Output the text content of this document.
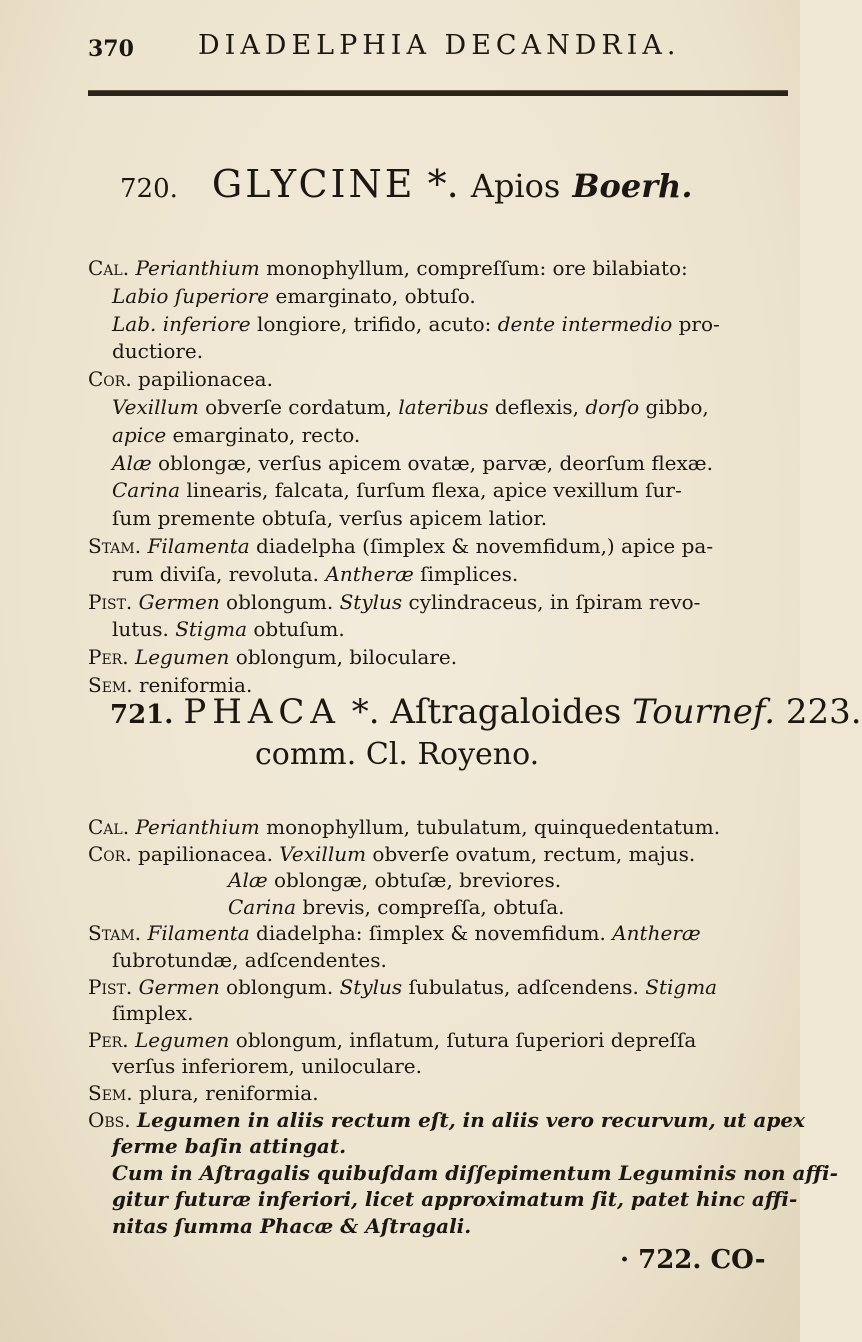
370 DIADELPHIA DECANDRIA.
720. GLYCINE *. Apios Boerh.
Cal. Perianthium monophyllum, compreſſum: ore bilabiato:
Labio ſuperiore emarginato, obtuſo.
Lab. inferiore longiore, trifido, acuto: dente intermedio pro-
ductiore.
Cor. papilionacea.
Vexillum obverſe cordatum, lateribus deflexis, dorſo gibbo,
apice emarginato, recto.
Alæ oblongæ, verſus apicem ovatæ, parvæ, deorſum flexæ.
Carina linearis, falcata, ſurſum flexa, apice vexillum ſur-
ſum premente obtuſa, verſus apicem latior.
Stam. Filamenta diadelpha (ſimplex & novemfidum,) apice pa-
rum diviſa, revoluta. Antheræ ſimplices.
Pist. Germen oblongum. Stylus cylindraceus, in ſpiram revo-
lutus. Stigma obtuſum.
Per. Legumen oblongum, biloculare.
Sem. reniformia.
721. PHACA *. Aſtragaloides Tournef. 223.
comm. Cl. Royeno.
Cal. Perianthium monophyllum, tubulatum, quinquedentatum.
Cor. papilionacea. Vexillum obverſe ovatum, rectum, majus.
Alæ oblongæ, obtuſæ, breviores.
Carina brevis, compreſſa, obtuſa.
Stam. Filamenta diadelpha: ſimplex & novemfidum. Antheræ
ſubrotundæ, adſcendentes.
Pist. Germen oblongum. Stylus ſubulatus, adſcendens. Stigma
ſimplex.
Per. Legumen oblongum, inflatum, ſutura ſuperiori depreſſa
verſus inferiorem, uniloculare.
Sem. plura, reniformia.
Obs. Legumen in aliis rectum eſt, in aliis vero recurvum, ut apex
ferme baſin attingat.
Cum in Aſtragalis quibuſdam diſſepimentum Leguminis non affi-
gitur futuræ inferiori, licet approximatum ſit, patet hinc affi-
nitas ſumma Phacæ & Aſtragali.
· 722. CO-
